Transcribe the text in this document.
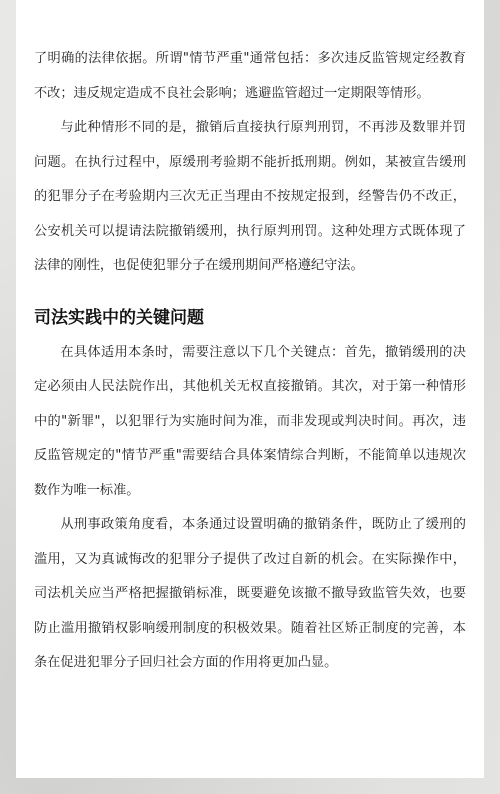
了明确的法律依据。所谓"情节严重"通常包括：多次违反监管规定经教育不改；违反规定造成不良社会影响；逃避监管超过一定期限等情形。

与此种情形不同的是，撤销后直接执行原判刑罚，不再涉及数罪并罚问题。在执行过程中，原缓刑考验期不能折抵刑期。例如，某被宣告缓刑的犯罪分子在考验期内三次无正当理由不按规定报到，经警告仍不改正，公安机关可以提请法院撤销缓刑，执行原判刑罚。这种处理方式既体现了法律的刚性，也促使犯罪分子在缓刑期间严格遵纪守法。

司法实践中的关键问题

在具体适用本条时，需要注意以下几个关键点：首先，撤销缓刑的决定必须由人民法院作出，其他机关无权直接撤销。其次，对于第一种情形中的"新罪"，以犯罪行为实施时间为准，而非发现或判决时间。再次，违反监管规定的"情节严重"需要结合具体案情综合判断，不能简单以违规次数作为唯一标准。

从刑事政策角度看，本条通过设置明确的撤销条件，既防止了缓刑的滥用，又为真诚悔改的犯罪分子提供了改过自新的机会。在实际操作中，司法机关应当严格把握撤销标准，既要避免该撤不撤导致监管失效，也要防止滥用撤销权影响缓刑制度的积极效果。随着社区矫正制度的完善，本条在促进犯罪分子回归社会方面的作用将更加凸显。
